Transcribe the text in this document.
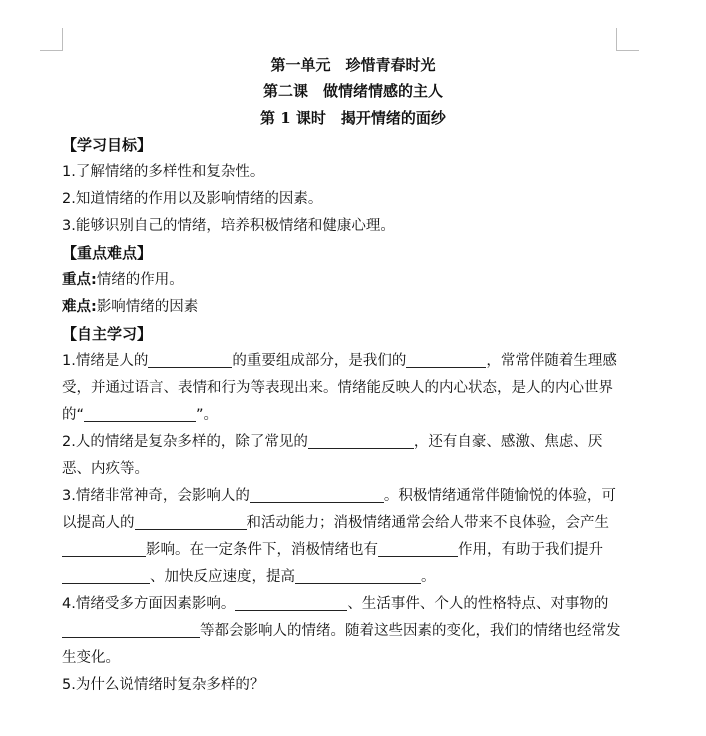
第一单元　珍惜青春时光
第二课　做情绪情感的主人
第 1 课时　揭开情绪的面纱

【学习目标】

1.了解情绪的多样性和复杂性。

2.知道情绪的作用以及影响情绪的因素。

3.能够识别自己的情绪，培养积极情绪和健康心理。

【重点难点】

重点:情绪的作用。

难点:影响情绪的因素

【自主学习】

1.情绪是人的	的重要组成部分，是我们的	，常常伴随着生理感受，并通过语言、表情和行为等表现出来。情绪能反映人的内心状态，是人的内心世界的“	”。

2.人的情绪是复杂多样的，除了常见的	，还有自豪、感激、焦虑、厌恶、内疚等。

3.情绪非常神奇，会影响人的	。积极情绪通常伴随愉悦的体验，可以提高人的	和活动能力；消极情绪通常会给人带来不良体验，会产生影响。在一定条件下，消极情绪也有	作用，有助于我们提升、加快反应速度，提高	。

4.情绪受多方面因素影响。	、生活事件、个人的性格特点、对事物的等都会影响人的情绪。随着这些因素的变化，我们的情绪也经常发生变化。

5.为什么说情绪时复杂多样的？
